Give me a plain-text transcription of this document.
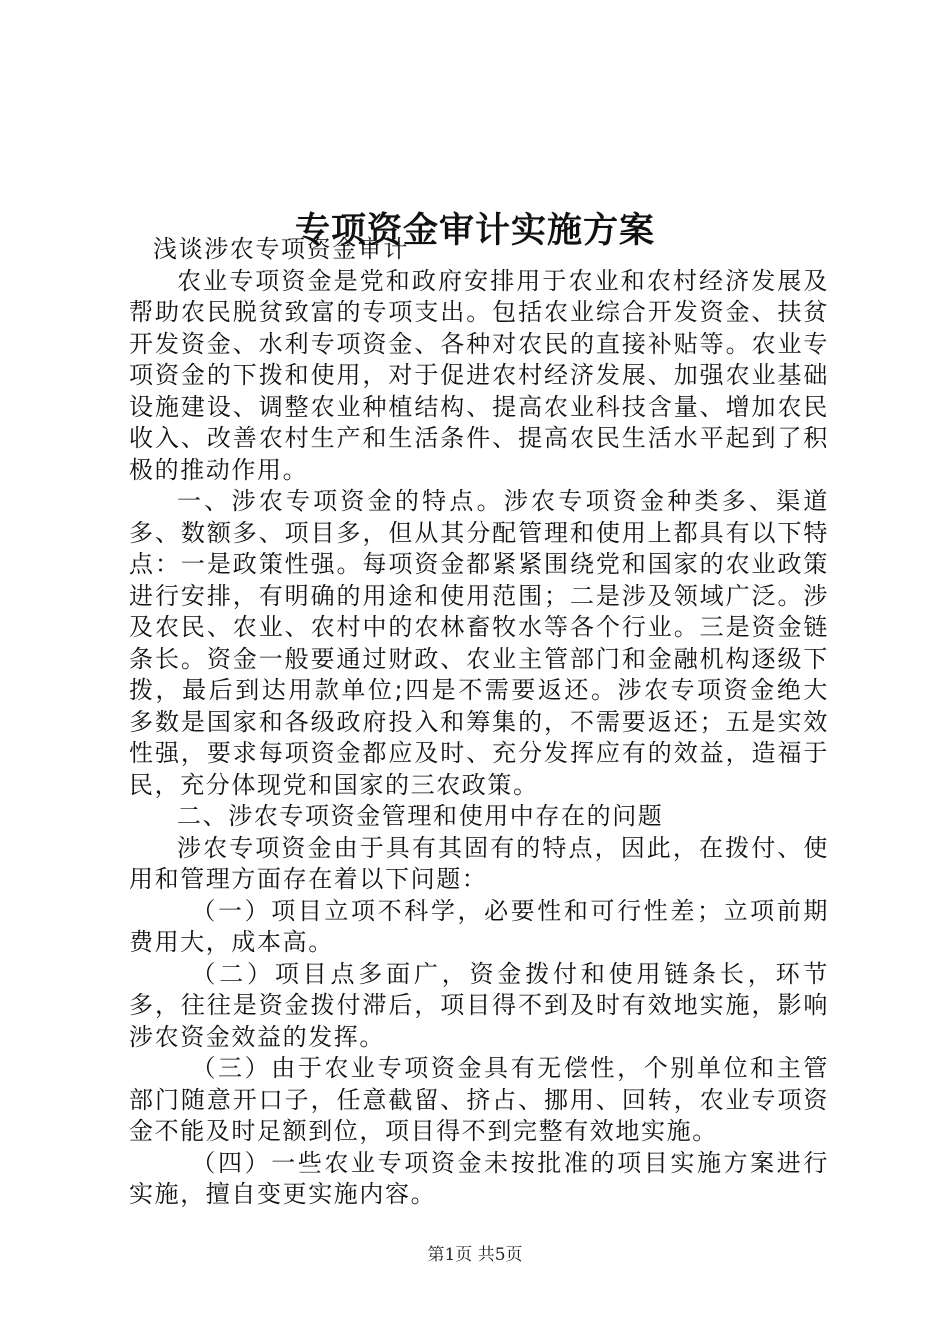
专项资金审计实施方案

浅谈涉农专项资金审计

农业专项资金是党和政府安排用于农业和农村经济发展及帮助农民脱贫致富的专项支出。包括农业综合开发资金、扶贫开发资金、水利专项资金、各种对农民的直接补贴等。农业专项资金的下拨和使用，对于促进农村经济发展、加强农业基础设施建设、调整农业种植结构、提高农业科技含量、增加农民收入、改善农村生产和生活条件、提高农民生活水平起到了积极的推动作用。

一、涉农专项资金的特点。涉农专项资金种类多、渠道多、数额多、项目多，但从其分配管理和使用上都具有以下特点：一是政策性强。每项资金都紧紧围绕党和国家的农业政策进行安排，有明确的用途和使用范围；二是涉及领域广泛。涉及农民、农业、农村中的农林畜牧水等各个行业。三是资金链条长。资金一般要通过财政、农业主管部门和金融机构逐级下拨，最后到达用款单位;四是不需要返还。涉农专项资金绝大多数是国家和各级政府投入和筹集的，不需要返还；五是实效性强，要求每项资金都应及时、充分发挥应有的效益，造福于民，充分体现党和国家的三农政策。

二、涉农专项资金管理和使用中存在的问题

涉农专项资金由于具有其固有的特点，因此，在拨付、使用和管理方面存在着以下问题：

（一）项目立项不科学，必要性和可行性差；立项前期费用大，成本高。

（二）项目点多面广，资金拨付和使用链条长，环节多，往往是资金拨付滞后，项目得不到及时有效地实施，影响涉农资金效益的发挥。

（三）由于农业专项资金具有无偿性，个别单位和主管部门随意开口子，任意截留、挤占、挪用、回转，农业专项资金不能及时足额到位，项目得不到完整有效地实施。

（四）一些农业专项资金未按批准的项目实施方案进行实施，擅自变更实施内容。

第1页 共5页
